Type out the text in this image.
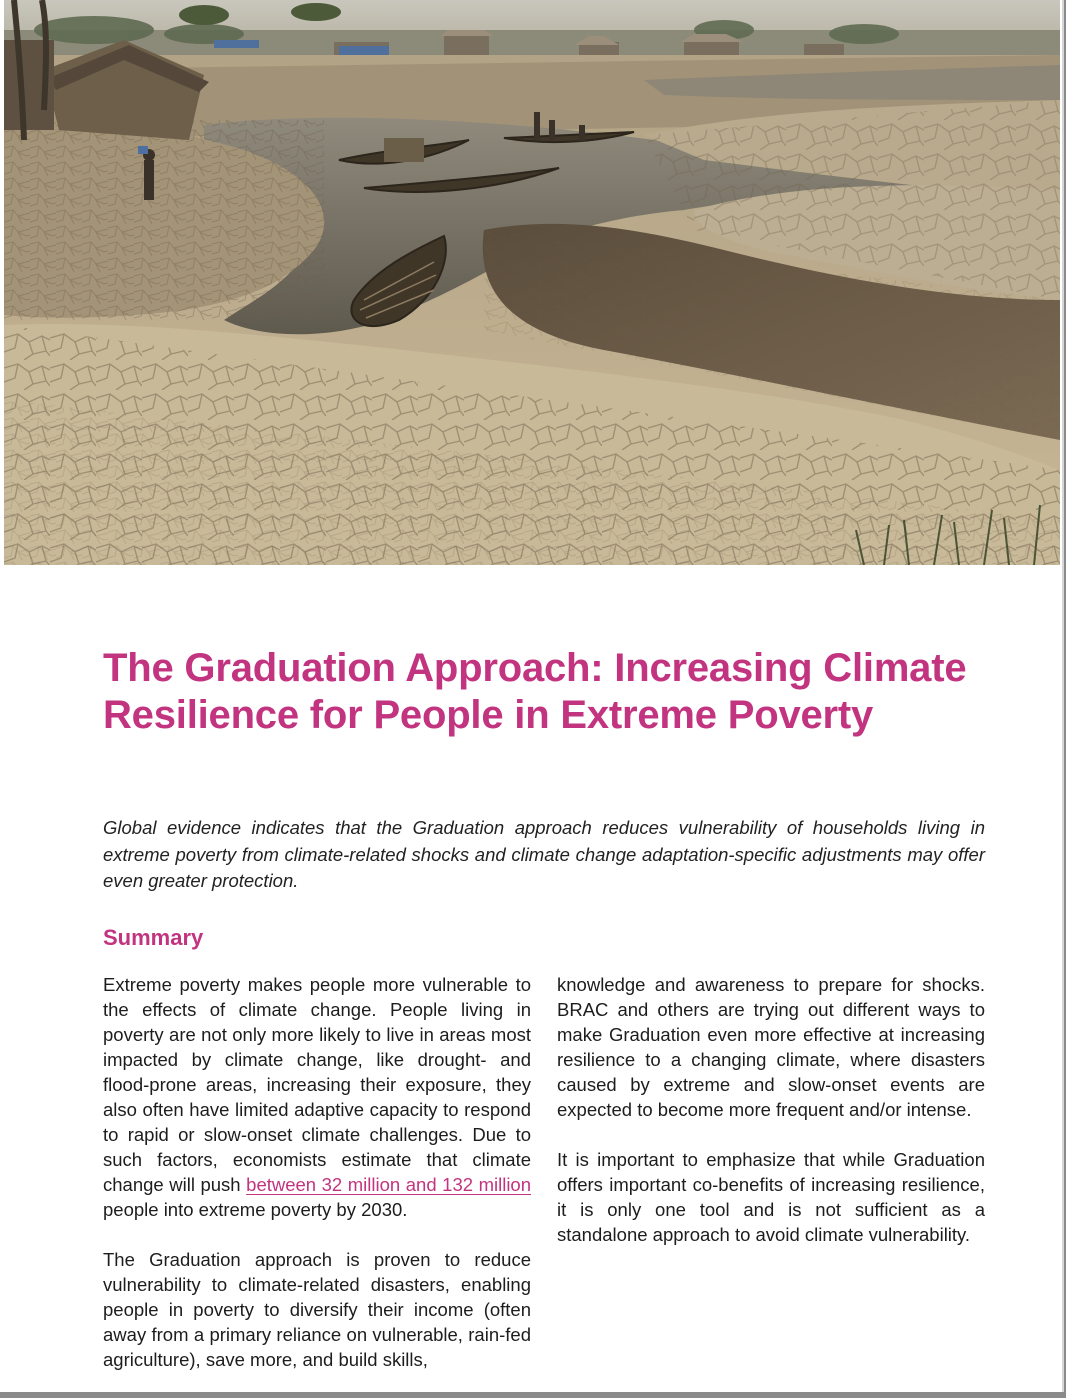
The Graduation Approach: Increasing Climate Resilience for People in Extreme Poverty

Global evidence indicates that the Graduation approach reduces vulnerability of households living in extreme poverty from climate-related shocks and climate change adaptation-specific adjustments may offer even greater protection.

Summary

Extreme poverty makes people more vulnerable to the effects of climate change. People living in poverty are not only more likely to live in areas most impacted by climate change, like drought- and flood-prone areas, increasing their exposure, they also often have limited adaptive capacity to respond to rapid or slow-onset climate challenges. Due to such factors, economists estimate that climate change will push between 32 million and 132 million people into extreme poverty by 2030.

The Graduation approach is proven to reduce vulnerability to climate-related disasters, enabling people in poverty to diversify their income (often away from a primary reliance on vulnerable, rain-fed agriculture), save more, and build skills,

knowledge and awareness to prepare for shocks. BRAC and others are trying out different ways to make Graduation even more effective at increasing resilience to a changing climate, where disasters caused by extreme and slow-onset events are expected to become more frequent and/or intense.

It is important to emphasize that while Graduation offers important co-benefits of increasing resilience, it is only one tool and is not sufficient as a standalone approach to avoid climate vulnerability.
